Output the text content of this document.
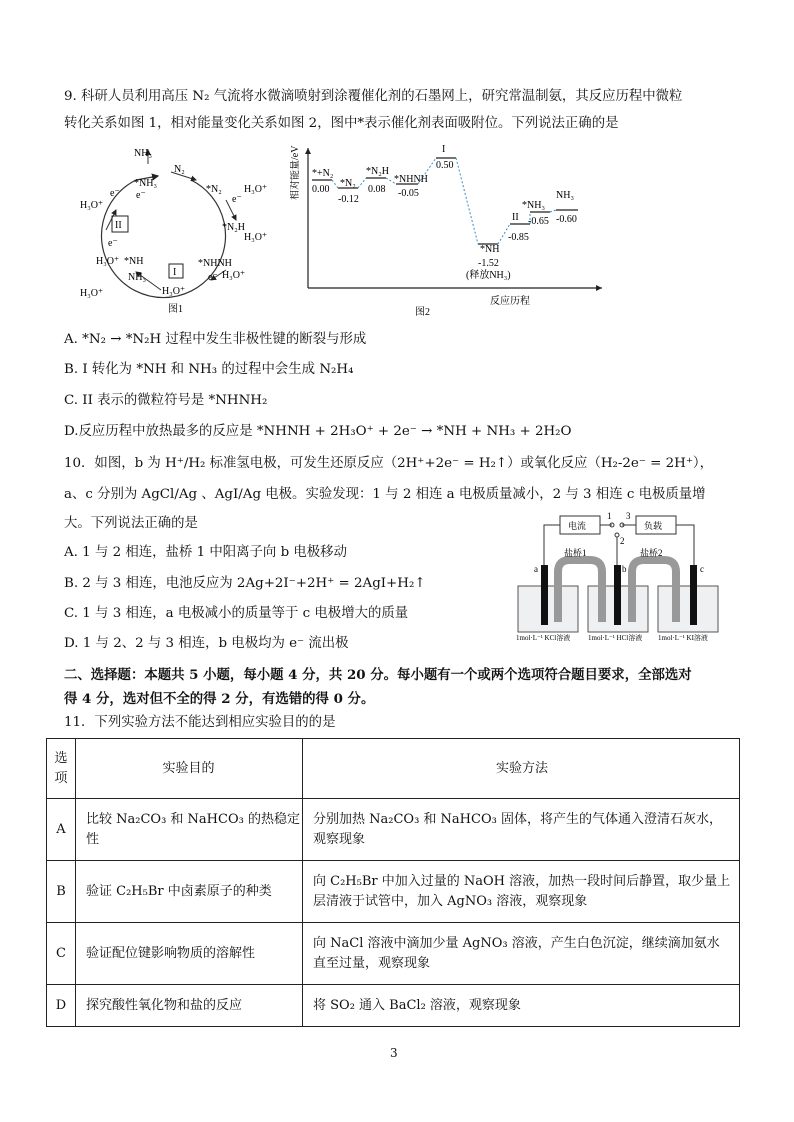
9. 科研人员利用高压 N₂ 气流将水微滴喷射到涂覆催化剂的石墨网上，研究常温制氨，其反应历程中微粒
转化关系如图 1，相对能量变化关系如图 2，图中*表示催化剂表面吸附位。下列说法正确的是
NH₃
*NH₃
N₂
*N₂ H₃O⁺
*N₂H
H₃O⁺
*NHNH
H₃O⁺
I
H₃O⁺
*NH
NH₃
H₃O⁺
II
H₃O⁺
e⁻
e⁻
e⁻
e⁻
e⁻
H₃O⁺
图1
相对能量/eV
反应历程
图2
*+N₂
*N₂
*N₂H
*NHNH
*NH
*NH₃
NH₃
I
II
0.00
-0.12
0.08 -0.05
0.50
-1.52
-0.65 -0.60
-0.85
(释放NH₃)
A. *N₂ → *N₂H 过程中发生非极性键的断裂与形成
B. I 转化为 *NH 和 NH₃ 的过程中会生成 N₂H₄
C. II 表示的微粒符号是 *NHNH₂
D.反应历程中放热最多的反应是 *NHNH + 2H₃O⁺ + 2e⁻ → *NH + NH₃ + 2H₂O
10．如图，b 为 H⁺/H₂ 标准氢电极，可发生还原反应（2H⁺+2e⁻ = H₂↑）或氧化反应（H₂-2e⁻ = 2H⁺），
a、c 分别为 AgCl/Ag 、AgI/Ag 电极。实验发现：1 与 2 相连 a 电极质量减小，2 与 3 相连 c 电极质量增
大。下列说法正确的是
A. 1 与 2 相连，盐桥 1 中阳离子向 b 电极移动
B. 2 与 3 相连，电池反应为 2Ag+2I⁻+2H⁺ = 2AgI+H₂↑
C. 1 与 3 相连，a 电极减小的质量等于 c 电极增大的质量
D. 1 与 2、2 与 3 相连，b 电极均为 e⁻ 流出极
电流	负载
1 3
2
盐桥1	盐桥2
a	b	c
1mol·L⁻¹ KCl溶液	1mol·L⁻¹ HCl溶液 1mol·L⁻¹ KI溶液
二、选择题：本题共 5 小题，每小题 4 分，共 20 分。每小题有一个或两个选项符合题目要求，全部选对
得 4 分，选对但不全的得 2 分，有选错的得 0 分。
11．下列实验方法不能达到相应实验目的的是
选
项	实验目的	实验方法
A	比较 Na₂CO₃ 和 NaHCO₃ 的热稳定性	分别加热 Na₂CO₃ 和 NaHCO₃ 固体，将产生的气体通入澄清石灰水，观察现象
B	验证 C₂H₅Br 中卤素原子的种类	向 C₂H₅Br 中加入过量的 NaOH 溶液，加热一段时间后静置，取少量上层清液于试管中，加入 AgNO₃ 溶液，观察现象
C	验证配位键影响物质的溶解性	向 NaCl 溶液中滴加少量 AgNO₃ 溶液，产生白色沉淀，继续滴加氨水直至过量，观察现象
D	探究酸性氧化物和盐的反应	将 SO₂ 通入 BaCl₂ 溶液，观察现象
3
